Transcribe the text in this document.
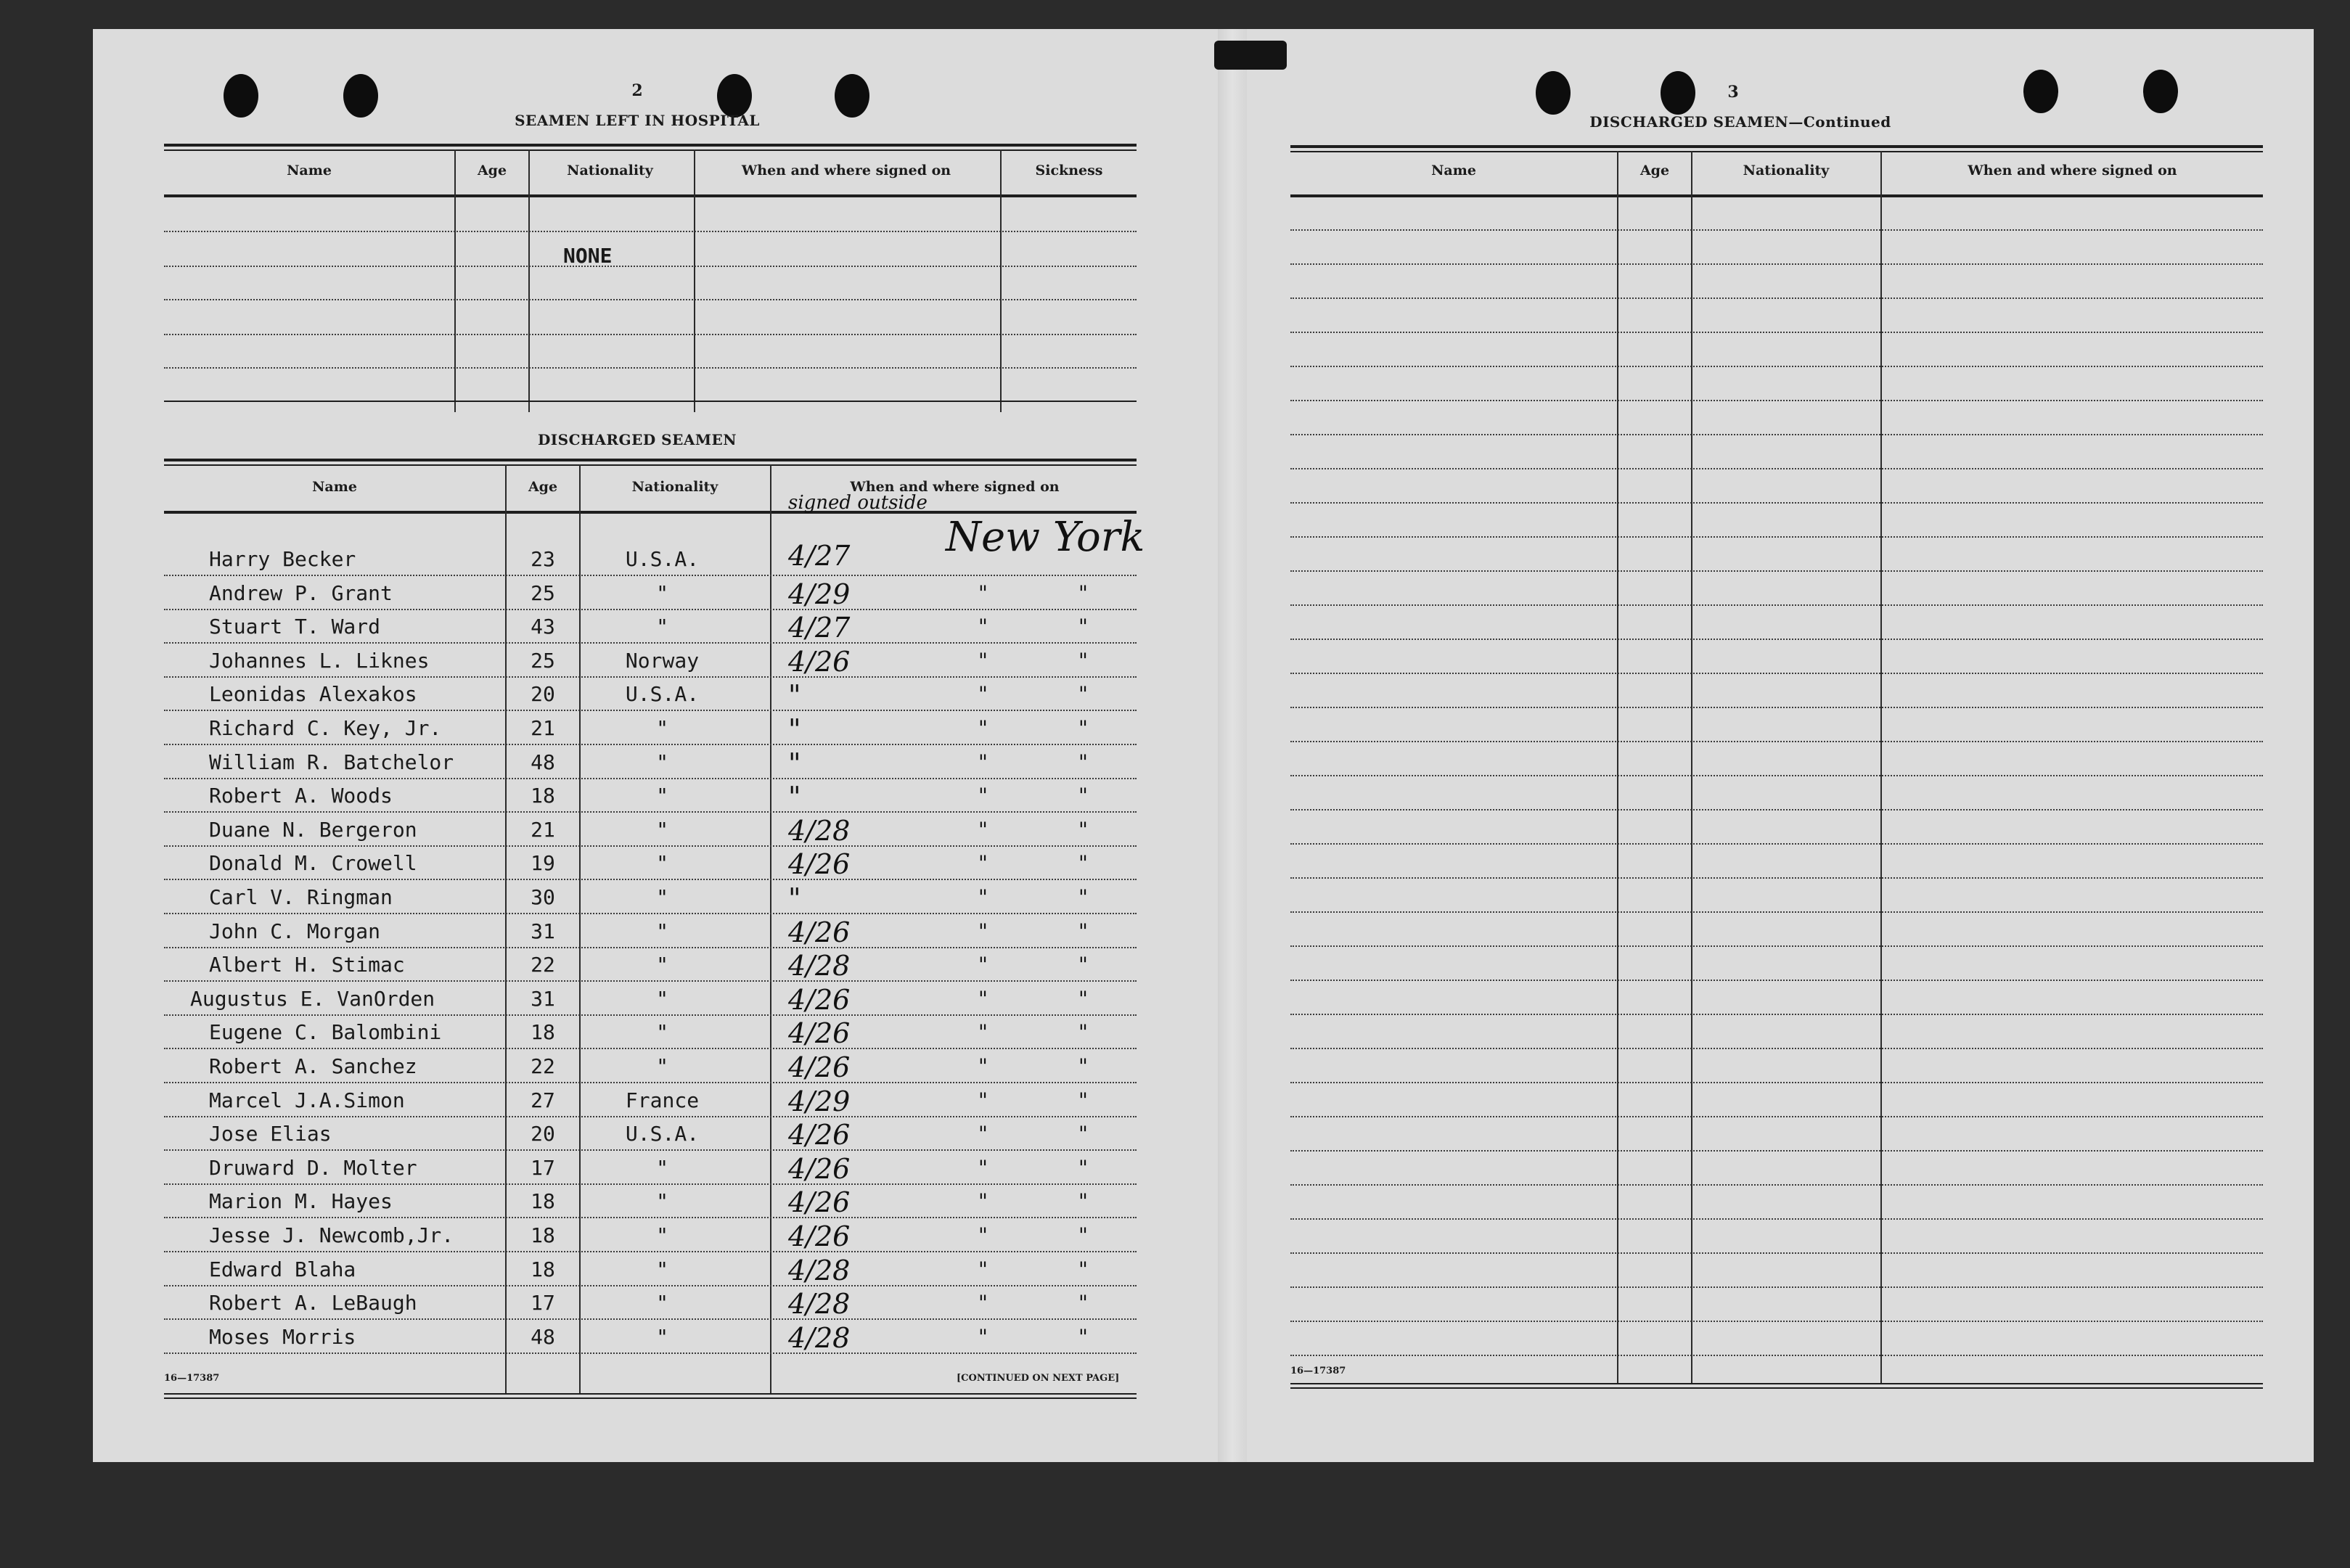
2
SEAMEN LEFT IN HOSPITAL
Name	Age	Nationality	When and where signed on	Sickness
NONE
DISCHARGED SEAMEN
Name	Age	Nationality	When and where signed on
signed outside
New York
Harry Becker	23	U.S.A.	4/27
Andrew P. Grant	25	"	4/29	"	"
Stuart T. Ward	43	"	4/27	"	"
Johannes L. Liknes	25	Norway	4/26	"	"
Leonidas Alexakos	20	U.S.A.	"	"	"
Richard C. Key, Jr.	21	"	"	"	"
William R. Batchelor	48	"	"	"	"
Robert A. Woods	18	"	"	"	"
Duane N. Bergeron	21	"	4/28	"	"
Donald M. Crowell	19	"	4/26	"	"
Carl V. Ringman	30	"	"	"	"
John C. Morgan	31	"	4/26	"	"
Albert H. Stimac	22	"	4/28	"	"
Augustus E. VanOrden	31	"	4/26	"	"
Eugene C. Balombini	18	"	4/26	"	"
Robert A. Sanchez	22	"	4/26	"	"
Marcel J.A.Simon	27	France	4/29	"	"
Jose Elias	20	U.S.A.	4/26	"	"
Druward D. Molter	17	"	4/26	"	"
Marion M. Hayes	18	"	4/26	"	"
Jesse J. Newcomb,Jr.	18	"	4/26	"	"
Edward Blaha	18	"	4/28	"	"
Robert A. LeBaugh	17	"	4/28	"	"
Moses Morris	48	"	4/28	"	"
16—17387	[CONTINUED ON NEXT PAGE]
3
DISCHARGED SEAMEN—Continued
Name	Age	Nationality	When and where signed on
16—17387
